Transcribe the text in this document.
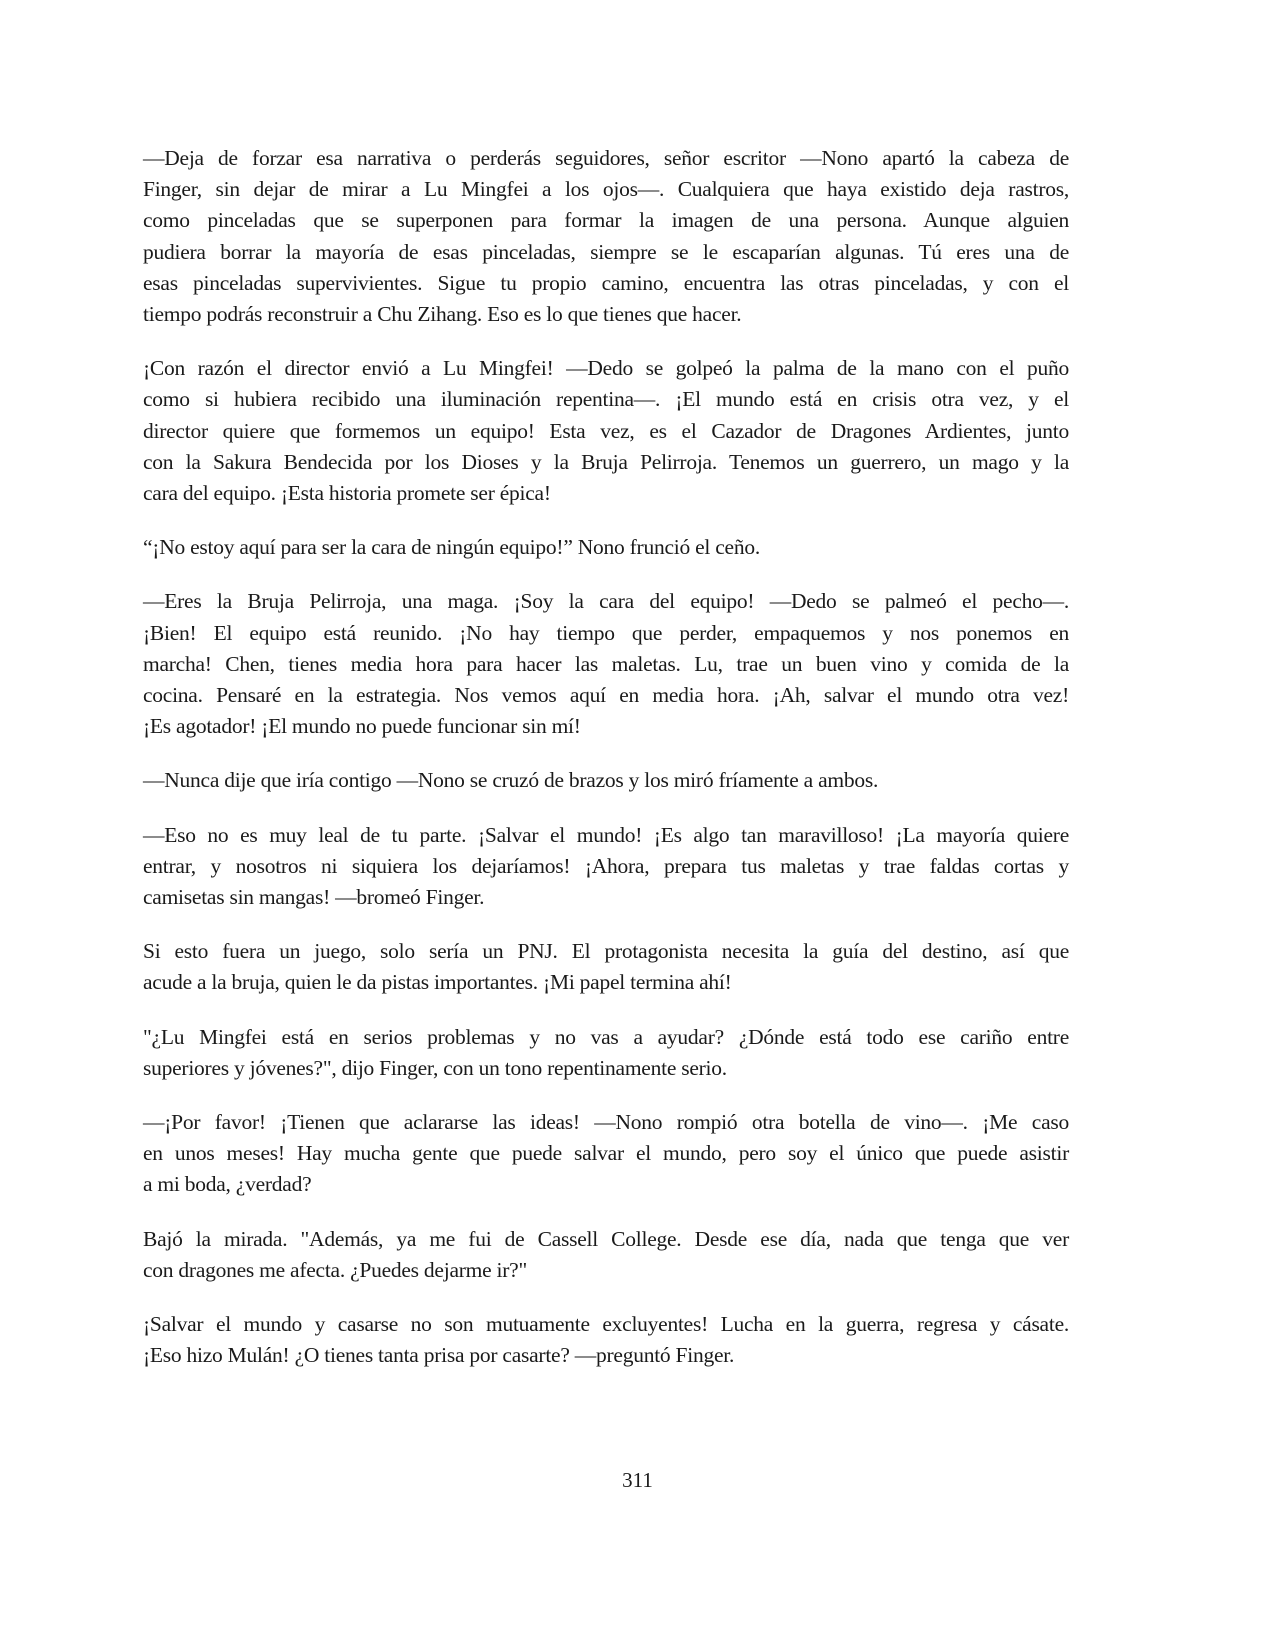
—Deja de forzar esa narrativa o perderás seguidores, señor escritor —Nono apartó la cabeza de
Finger, sin dejar de mirar a Lu Mingfei a los ojos—. Cualquiera que haya existido deja rastros,
como pinceladas que se superponen para formar la imagen de una persona. Aunque alguien
pudiera borrar la mayoría de esas pinceladas, siempre se le escaparían algunas. Tú eres una de
esas pinceladas supervivientes. Sigue tu propio camino, encuentra las otras pinceladas, y con el
tiempo podrás reconstruir a Chu Zihang. Eso es lo que tienes que hacer.
¡Con razón el director envió a Lu Mingfei! —Dedo se golpeó la palma de la mano con el puño
como si hubiera recibido una iluminación repentina—. ¡El mundo está en crisis otra vez, y el
director quiere que formemos un equipo! Esta vez, es el Cazador de Dragones Ardientes, junto
con la Sakura Bendecida por los Dioses y la Bruja Pelirroja. Tenemos un guerrero, un mago y la
cara del equipo. ¡Esta historia promete ser épica!
“¡No estoy aquí para ser la cara de ningún equipo!” Nono frunció el ceño.
—Eres la Bruja Pelirroja, una maga. ¡Soy la cara del equipo! —Dedo se palmeó el pecho—.
¡Bien! El equipo está reunido. ¡No hay tiempo que perder, empaquemos y nos ponemos en
marcha! Chen, tienes media hora para hacer las maletas. Lu, trae un buen vino y comida de la
cocina. Pensaré en la estrategia. Nos vemos aquí en media hora. ¡Ah, salvar el mundo otra vez!
¡Es agotador! ¡El mundo no puede funcionar sin mí!
—Nunca dije que iría contigo —Nono se cruzó de brazos y los miró fríamente a ambos.
—Eso no es muy leal de tu parte. ¡Salvar el mundo! ¡Es algo tan maravilloso! ¡La mayoría quiere
entrar, y nosotros ni siquiera los dejaríamos! ¡Ahora, prepara tus maletas y trae faldas cortas y
camisetas sin mangas! —bromeó Finger.
Si esto fuera un juego, solo sería un PNJ. El protagonista necesita la guía del destino, así que
acude a la bruja, quien le da pistas importantes. ¡Mi papel termina ahí!
"¿Lu Mingfei está en serios problemas y no vas a ayudar? ¿Dónde está todo ese cariño entre
superiores y jóvenes?", dijo Finger, con un tono repentinamente serio.
—¡Por favor! ¡Tienen que aclararse las ideas! —Nono rompió otra botella de vino—. ¡Me caso
en unos meses! Hay mucha gente que puede salvar el mundo, pero soy el único que puede asistir
a mi boda, ¿verdad?
Bajó la mirada. "Además, ya me fui de Cassell College. Desde ese día, nada que tenga que ver
con dragones me afecta. ¿Puedes dejarme ir?"
¡Salvar el mundo y casarse no son mutuamente excluyentes! Lucha en la guerra, regresa y cásate.
¡Eso hizo Mulán! ¿O tienes tanta prisa por casarte? —preguntó Finger.
311
